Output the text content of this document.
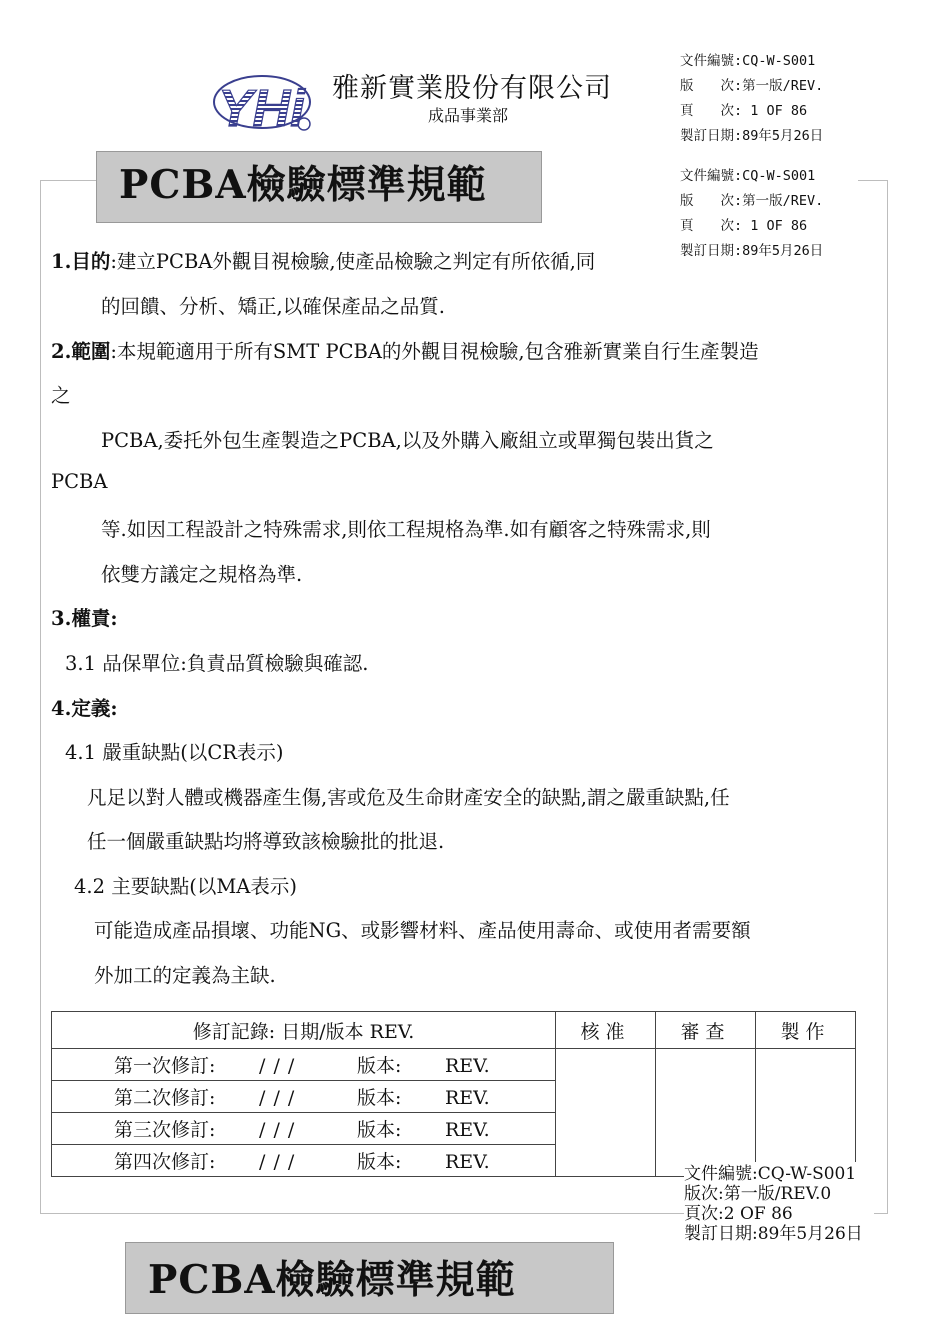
YHi 雅新實業股份有限公司
成品事業部
文件編號:CQ-W-S001
版　　次:第一版/REV.
頁　　次: 1 OF 86
製訂日期:89年5月26日
PCBA檢驗標準規範
1.目的:建立PCBA外觀目視檢驗,使產品檢驗之判定有所依循,同
文件編號:CQ-W-S001
版　　次:第一版/REV.
頁　　次: 1 OF 86
製訂日期:89年5月26日
的回饋、分析、矯正,以確保產品之品質.
2.範圍:本規範適用于所有SMT PCBA的外觀目視檢驗,包含雅新實業自行生產製造
之
PCBA,委托外包生產製造之PCBA,以及外購入廠組立或單獨包裝出貨之
PCBA
等.如因工程設計之特殊需求,則依工程規格為準.如有顧客之特殊需求,則
依雙方議定之規格為準.
3.權責:
3.1 品保單位:負責品質檢驗與確認.
4.定義:
4.1 嚴重缺點(以CR表示)
凡足以對人體或機器產生傷,害或危及生命財產安全的缺點,謂之嚴重缺點,任
任一個嚴重缺點均將導致該檢驗批的批退.
4.2 主要缺點(以MA表示)
可能造成產品損壞、功能NG、或影響材料、產品使用壽命、或使用者需要額
外加工的定義為主缺.
修訂記錄: 日期/版本 REV.	核准	審查	製作
第一次修訂: / / / 版本: REV.			
第二次修訂: / / / 版本: REV.			
第三次修訂: / / / 版本: REV.			
第四次修訂: / / / 版本: REV.			
文件編號:CQ-W-S001
版次:第一版/REV.0
頁次:2 OF 86
製訂日期:89年5月26日
PCBA檢驗標準規範
